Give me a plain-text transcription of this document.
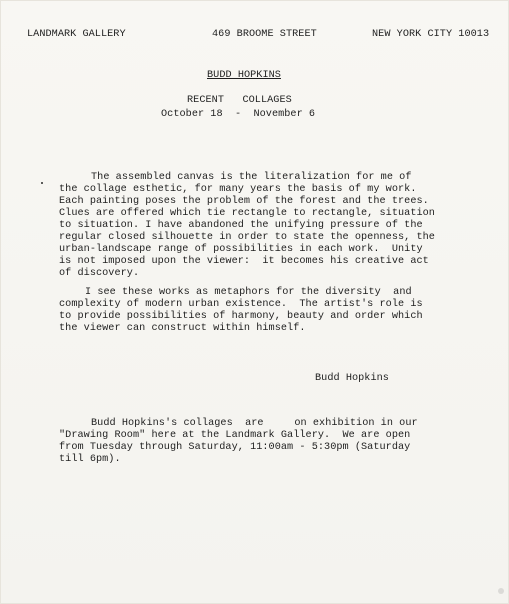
LANDMARK GALLERY	469 BROOME STREET	NEW YORK CITY 10013
BUDD HOPKINS
RECENT   COLLAGES
October 18  -  November 6
The assembled canvas is the literalization for me of
the collage esthetic, for many years the basis of my work.
Each painting poses the problem of the forest and the trees.
Clues are offered which tie rectangle to rectangle, situation
to situation. I have abandoned the unifying pressure of the
regular closed silhouette in order to state the openness, the
urban-landscape range of possibilities in each work.  Unity
is not imposed upon the viewer:  it becomes his creative act
of discovery.
I see these works as metaphors for the diversity  and
complexity of modern urban existence.  The artist's role is
to provide possibilities of harmony, beauty and order which
the viewer can construct within himself.
Budd Hopkins
Budd Hopkins's collages  are     on exhibition in our
"Drawing Room" here at the Landmark Gallery.  We are open
from Tuesday through Saturday, 11:00am - 5:30pm (Saturday
till 6pm).
